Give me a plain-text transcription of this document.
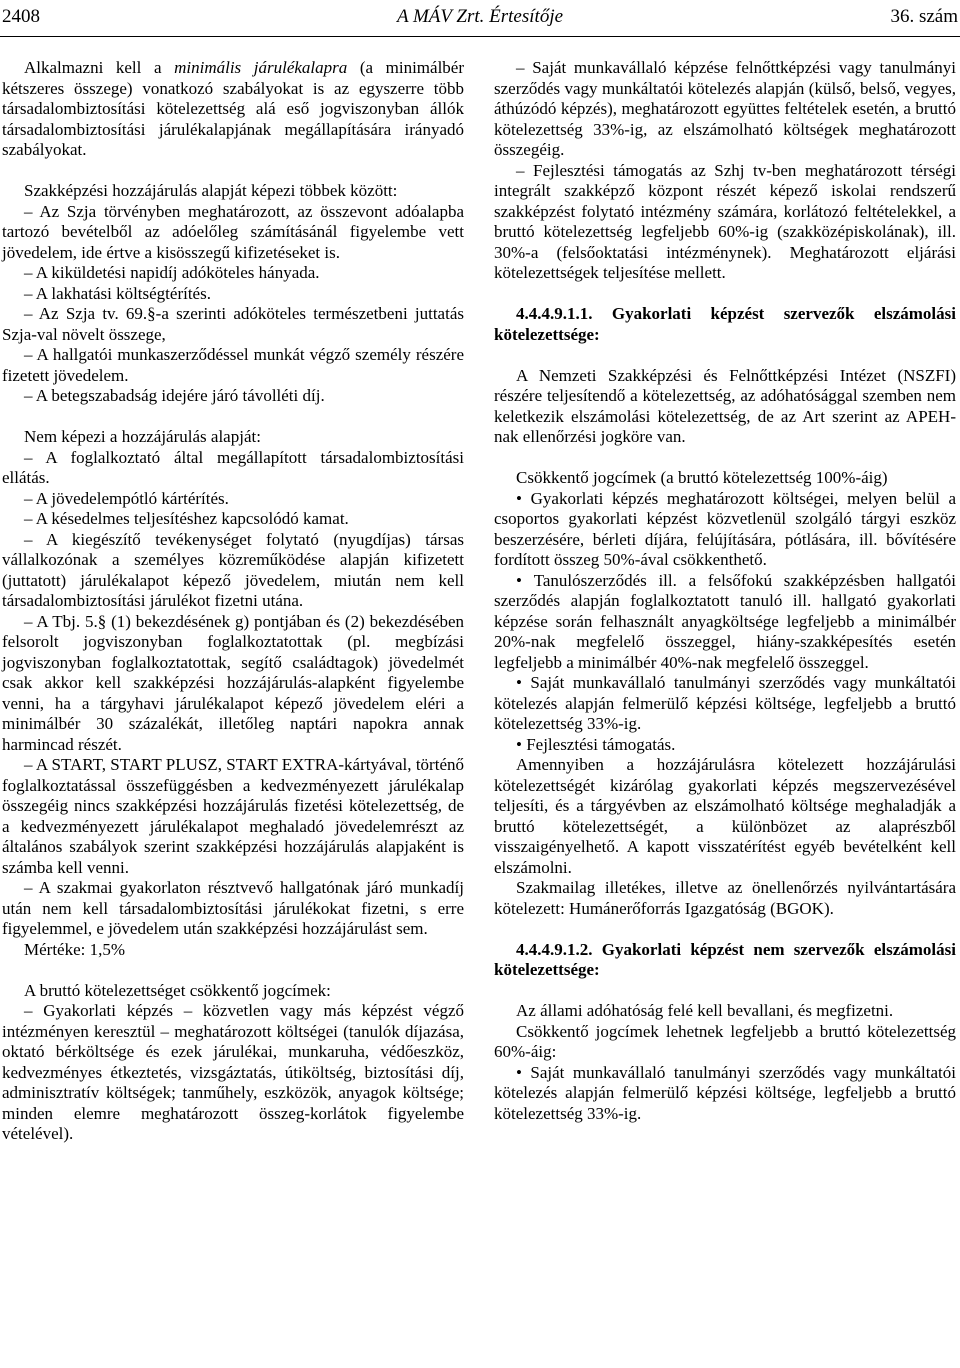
2408	A MÁV Zrt. Értesítője	36. szám

Alkalmazni kell a minimális járulékalapra (a minimálbér kétszeres összege) vonatkozó szabályokat is az egyszerre több társadalombiztosítási kötelezettség alá eső jogviszonyban állók társadalombiztosítási járulékalapjának megállapítására irányadó szabályokat.

Szakképzési hozzájárulás alapját képezi többek között:

– Az Szja törvényben meghatározott, az összevont adóalapba tartozó bevételből az adóelőleg számításánál figyelembe vett jövedelem, ide értve a kisösszegű kifizetéseket is.

– A kiküldetési napidíj adóköteles hányada.

– A lakhatási költségtérítés.

– Az Szja tv. 69.§-a szerinti adóköteles természetbeni juttatás Szja-val növelt összege,

– A hallgatói munkaszerződéssel munkát végző személy részére fizetett jövedelem.

– A betegszabadság idejére járó távolléti díj.

Nem képezi a hozzájárulás alapját:

– A foglalkoztató által megállapított társadalombiztosítási ellátás.

– A jövedelempótló kártérítés.

– A késedelmes teljesítéshez kapcsolódó kamat.

– A kiegészítő tevékenységet folytató (nyugdíjas) társas vállalkozónak a személyes közreműködése alapján kifizetett (juttatott) járulékalapot képező jövedelem, miután nem kell társadalombiztosítási járulékot fizetni utána.

– A Tbj. 5.§ (1) bekezdésének g) pontjában és (2) bekezdésében felsorolt jogviszonyban foglalkoztatottak (pl. megbízási jogviszonyban foglalkoztatottak, segítő családtagok) jövedelmét csak akkor kell szakképzési hozzájárulás-alapként figyelembe venni, ha a tárgyhavi járulékalapot képező jövedelem eléri a minimálbér 30 százalékát, illetőleg naptári napokra annak harmincad részét.

– A START, START PLUSZ, START EXTRA-kártyával, történő foglalkoztatással összefüggésben a kedvezményezett járulékalap összegéig nincs szakképzési hozzájárulás fizetési kötelezettség, de a kedvezményezett járulékalapot meghaladó jövedelemrészt az általános szabályok szerint szakképzési hozzájárulás alapjaként is számba kell venni.

– A szakmai gyakorlaton résztvevő hallgatónak járó munkadíj után nem kell társadalombiztosítási járulékokat fizetni, s erre figyelemmel, e jövedelem után szakképzési hozzájárulást sem.

Mértéke: 1,5%

A bruttó kötelezettséget csökkentő jogcímek:

– Gyakorlati képzés – közvetlen vagy más képzést végző intézményen keresztül – meghatározott költségei (tanulók díjazása, oktató bérköltsége és ezek járulékai, munkaruha, védőeszköz, kedvezményes étkeztetés, vizsgáztatás, útiköltség, biztosítási díj, adminisztratív költségek; tanműhely, eszközök, anyagok költsége; minden elemre meghatározott összeg-korlátok figyelembe vételével).

– Saját munkavállaló képzése felnőttképzési vagy tanulmányi szerződés vagy munkáltatói kötelezés alapján (külső, belső, vegyes, áthúzódó képzés), meghatározott együttes feltételek esetén, a bruttó kötelezettség 33%-ig, az elszámolható költségek meghatározott összegéig.

– Fejlesztési támogatás az Szhj tv-ben meghatározott térségi integrált szakképző központ részét képező iskolai rendszerű szakképzést folytató intézmény számára, korlátozó feltételekkel, a bruttó kötelezettség legfeljebb 60%-ig (szakközépiskolának), ill. 30%-a (felsőoktatási intézménynek). Meghatározott eljárási kötelezettségek teljesítése mellett.

4.4.4.9.1.1. Gyakorlati képzést szervezők elszámolási kötelezettsége:

A Nemzeti Szakképzési és Felnőttképzési Intézet (NSZFI) részére teljesítendő a kötelezettség, az adóhatósággal szemben nem keletkezik elszámolási kötelezettség, de az Art szerint az APEH-nak ellenőrzési jogköre van.

Csökkentő jogcímek (a bruttó kötelezettség 100%-áig)

• Gyakorlati képzés meghatározott költségei, melyen belül a csoportos gyakorlati képzést közvetlenül szolgáló tárgyi eszköz beszerzésére, bérleti díjára, felújítására, pótlására, ill. bővítésére fordított összeg 50%-ával csökkenthető.

• Tanulószerződés ill. a felsőfokú szakképzésben hallgatói szerződés alapján foglalkoztatott tanuló ill. hallgató gyakorlati képzése során felhasznált anyagköltsége legfeljebb a minimálbér 20%-nak megfelelő összeggel, hiány-szakképesítés esetén legfeljebb a minimálbér 40%-nak megfelelő összeggel.

• Saját munkavállaló tanulmányi szerződés vagy munkáltatói kötelezés alapján felmerülő képzési költsége, legfeljebb a bruttó kötelezettség 33%-ig.

• Fejlesztési támogatás.

Amennyiben a hozzájárulásra kötelezett hozzájárulási kötelezettségét kizárólag gyakorlati képzés megszervezésével teljesíti, és a tárgyévben az elszámolható költsége meghaladják a bruttó kötelezettségét, a különbözet az alaprészből visszaigényelhető. A kapott visszatérítést egyéb bevételként kell elszámolni.

Szakmailag illetékes, illetve az önellenőrzés nyilvántartására kötelezett: Humánerőforrás Igazgatóság (BGOK).

4.4.4.9.1.2. Gyakorlati képzést nem szervezők elszámolási kötelezettsége:

Az állami adóhatóság felé kell bevallani, és megfizetni.

Csökkentő jogcímek lehetnek legfeljebb a bruttó kötelezettség 60%-áig:

• Saját munkavállaló tanulmányi szerződés vagy munkáltatói kötelezés alapján felmerülő képzési költsége, legfeljebb a bruttó kötelezettség 33%-ig.
